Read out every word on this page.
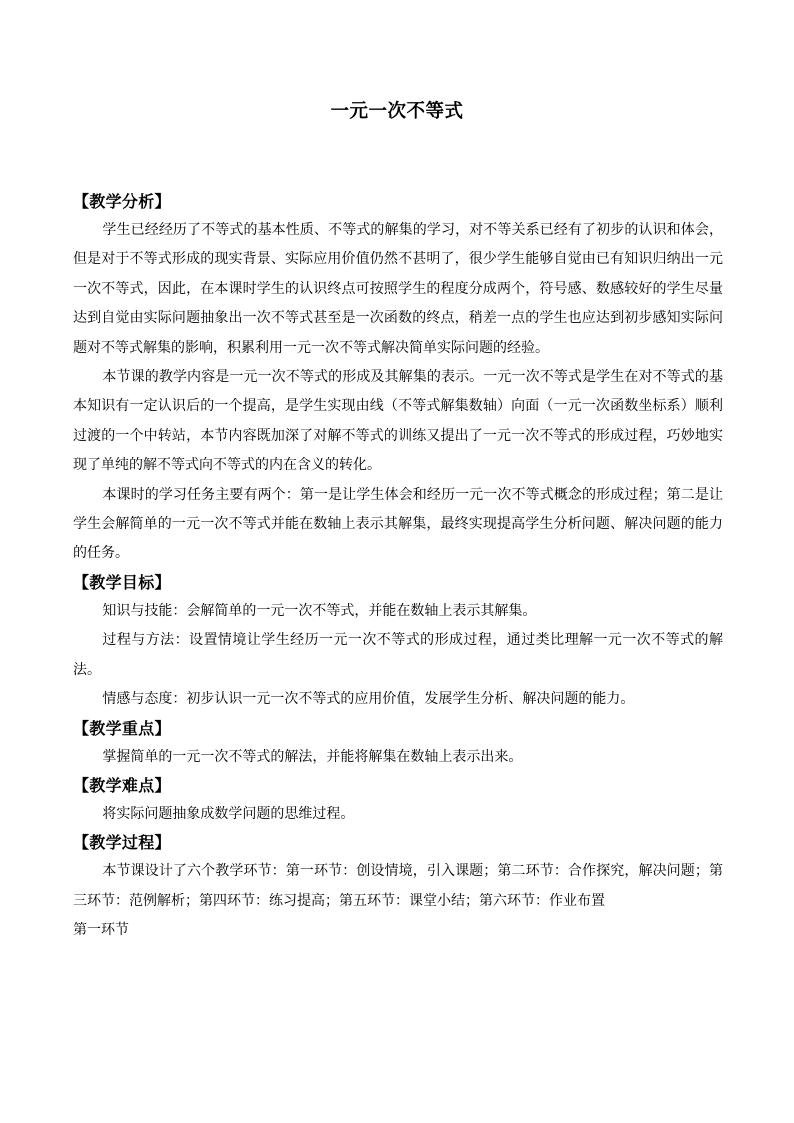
一元一次不等式
【教学分析】

学生已经经历了不等式的基本性质、不等式的解集的学习，对不等关系已经有了初步的认识和体会，但是对于不等式形成的现实背景、实际应用价值仍然不甚明了，很少学生能够自觉由已有知识归纳出一元一次不等式，因此，在本课时学生的认识终点可按照学生的程度分成两个，符号感、数感较好的学生尽量达到自觉由实际问题抽象出一次不等式甚至是一次函数的终点，稍差一点的学生也应达到初步感知实际问题对不等式解集的影响，积累利用一元一次不等式解决简单实际问题的经验。

本节课的教学内容是一元一次不等式的形成及其解集的表示。一元一次不等式是学生在对不等式的基本知识有一定认识后的一个提高，是学生实现由线（不等式解集数轴）向面（一元一次函数坐标系）顺利过渡的一个中转站，本节内容既加深了对解不等式的训练又提出了一元一次不等式的形成过程，巧妙地实现了单纯的解不等式向不等式的内在含义的转化。

本课时的学习任务主要有两个：第一是让学生体会和经历一元一次不等式概念的形成过程；第二是让学生会解简单的一元一次不等式并能在数轴上表示其解集，最终实现提高学生分析问题、解决问题的能力的任务。

【教学目标】

知识与技能：会解简单的一元一次不等式，并能在数轴上表示其解集。

过程与方法：设置情境让学生经历一元一次不等式的形成过程，通过类比理解一元一次不等式的解法。

情感与态度：初步认识一元一次不等式的应用价值，发展学生分析、解决问题的能力。

【教学重点】

掌握简单的一元一次不等式的解法，并能将解集在数轴上表示出来。

【教学难点】

将实际问题抽象成数学问题的思维过程。

【教学过程】

本节课设计了六个教学环节：第一环节：创设情境，引入课题；第二环节：合作探究，解决问题；第三环节：范例解析；第四环节：练习提高；第五环节：课堂小结；第六环节：作业布置

第一环节
